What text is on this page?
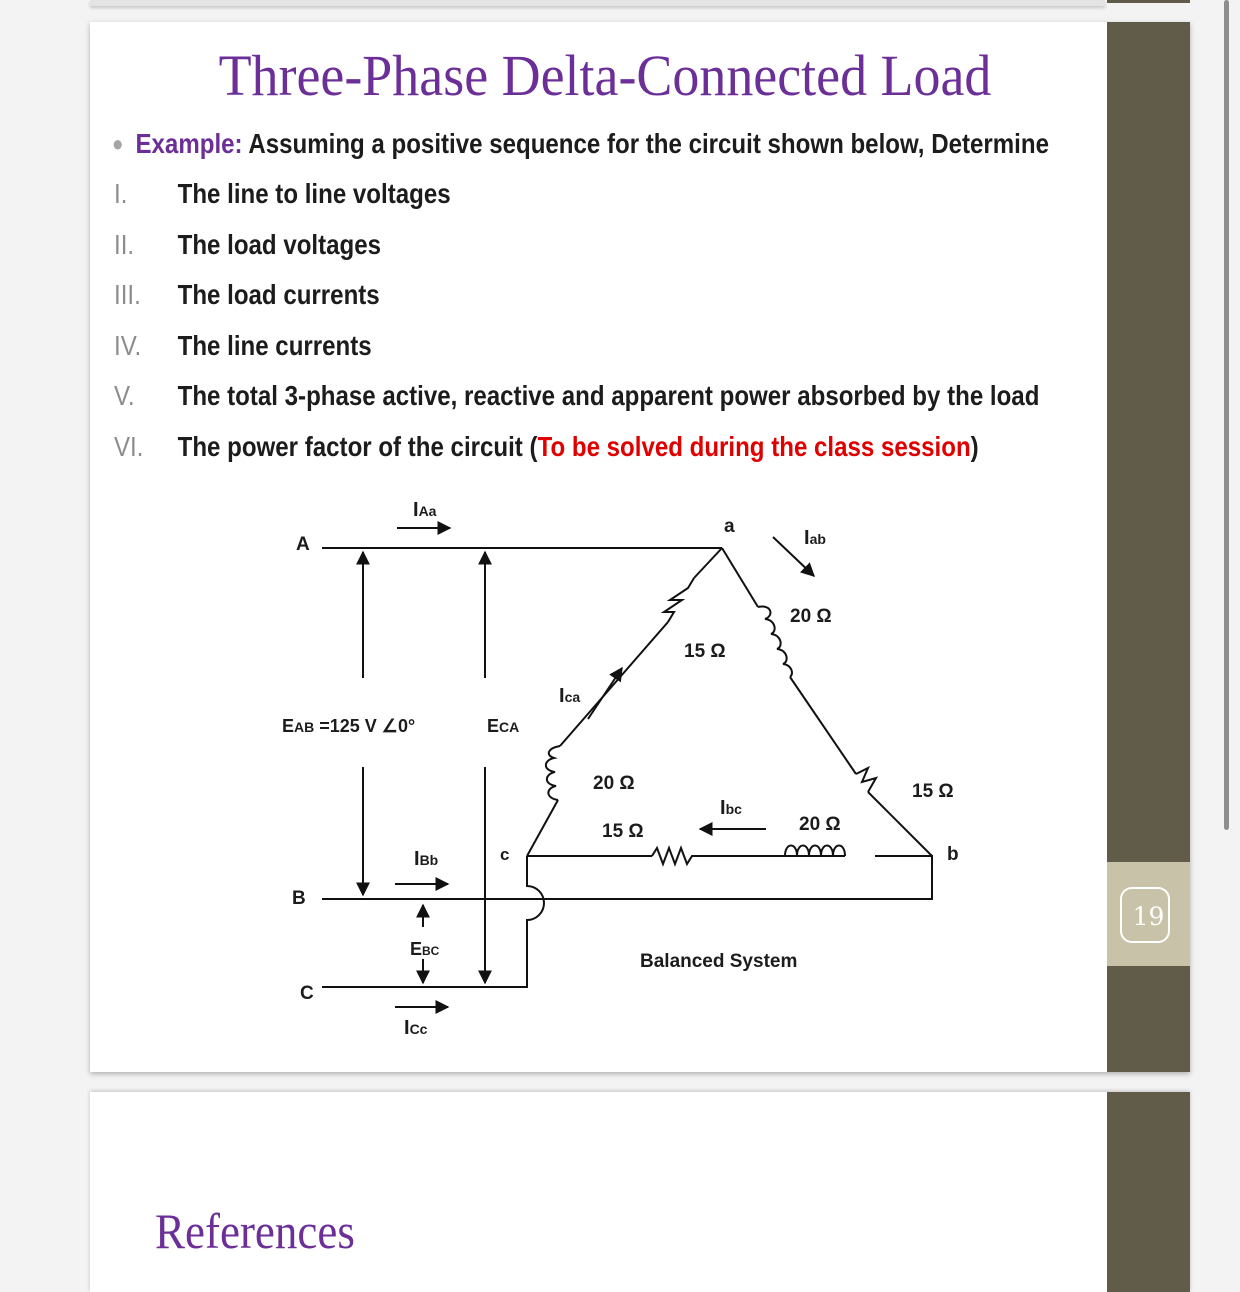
19
Three-Phase Delta-Connected Load
● Example: Assuming a positive sequence for the circuit shown below, Determine
I. The line to line voltages
II. The load voltages
III. The load currents
IV. The line currents
V. The total 3-phase active, reactive and apparent power absorbed by the load
VI. The power factor of the circuit (To be solved during the class session)
A
B
C
a
b
c
IAa
IBb
ICc
Iab
Ibc
Ica
EAB =125 V ∠0°	ECA
EBC
20 Ω
15 Ω
15 Ω
20 Ω
20 Ω
15 Ω
Balanced System
References
